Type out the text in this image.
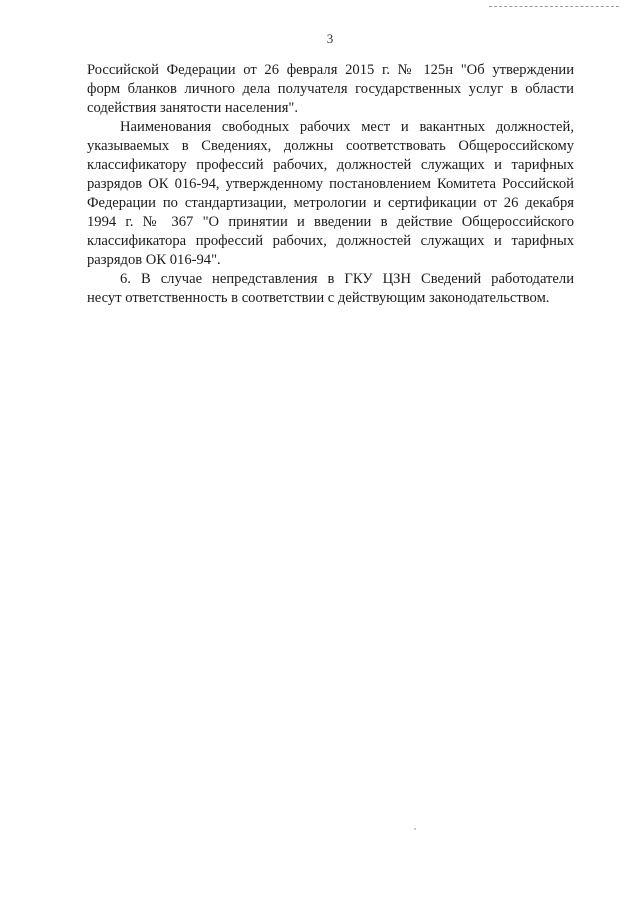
3
Российской Федерации от 26 февраля 2015 г. № 125н "Об утверждении
форм бланков личного дела получателя государственных услуг в области
содействия занятости населения".
Наименования свободных рабочих мест и вакантных должностей,
указываемых в Сведениях, должны соответствовать Общероссийскому
классификатору профессий рабочих, должностей служащих и тарифных
разрядов ОК 016-94, утвержденному постановлением Комитета Российской
Федерации по стандартизации, метрологии и сертификации от 26 декабря
1994 г. № 367 "О принятии и введении в действие Общероссийского
классификатора профессий рабочих, должностей служащих и тарифных
разрядов ОК 016-94".
6. В случае непредставления в ГКУ ЦЗН Сведений работодатели
несут ответственность в соответствии с действующим законодательством.
